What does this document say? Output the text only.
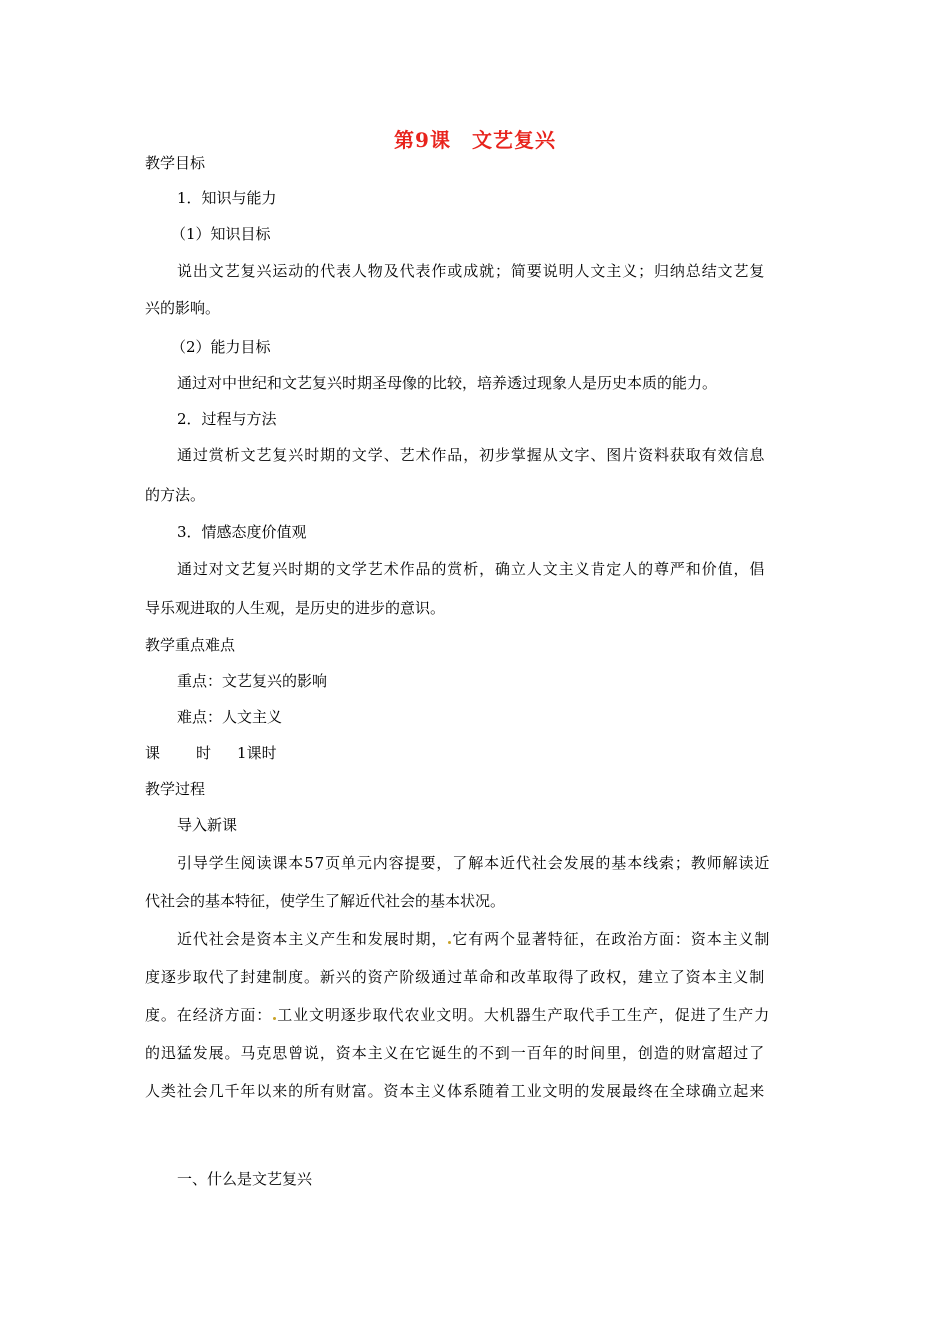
第9课　文艺复兴
教学目标
1．知识与能力
（1）知识目标
说出文艺复兴运动的代表人物及代表作或成就；简要说明人文主义；归纳总结文艺复
兴的影响。
（2）能力目标
通过对中世纪和文艺复兴时期圣母像的比较，培养透过现象人是历史本质的能力。
2．过程与方法
通过赏析文艺复兴时期的文学、艺术作品，初步掌握从文字、图片资料获取有效信息
的方法。
3．情感态度价值观
通过对文艺复兴时期的文学艺术作品的赏析，确立人文主义肯定人的尊严和价值，倡
导乐观进取的人生观，是历史的进步的意识。
教学重点难点
重点：文艺复兴的影响
难点：人文主义
课 时 1课时
教学过程
导入新课
引导学生阅读课本57页单元内容提要，了解本近代社会发展的基本线索；教师解读近
代社会的基本特征，使学生了解近代社会的基本状况。
近代社会是资本主义产生和发展时期， 它有两个显著特征，在政治方面：资本主义制
度逐步取代了封建制度。新兴的资产阶级通过革命和改革取得了政权，建立了资本主义制
度。在经济方面： 工业文明逐步取代农业文明。大机器生产取代手工生产，促进了生产力
的迅猛发展。马克思曾说，资本主义在它诞生的不到一百年的时间里，创造的财富超过了
人类社会几千年以来的所有财富。资本主义体系随着工业文明的发展最终在全球确立起来
一、什么是文艺复兴
